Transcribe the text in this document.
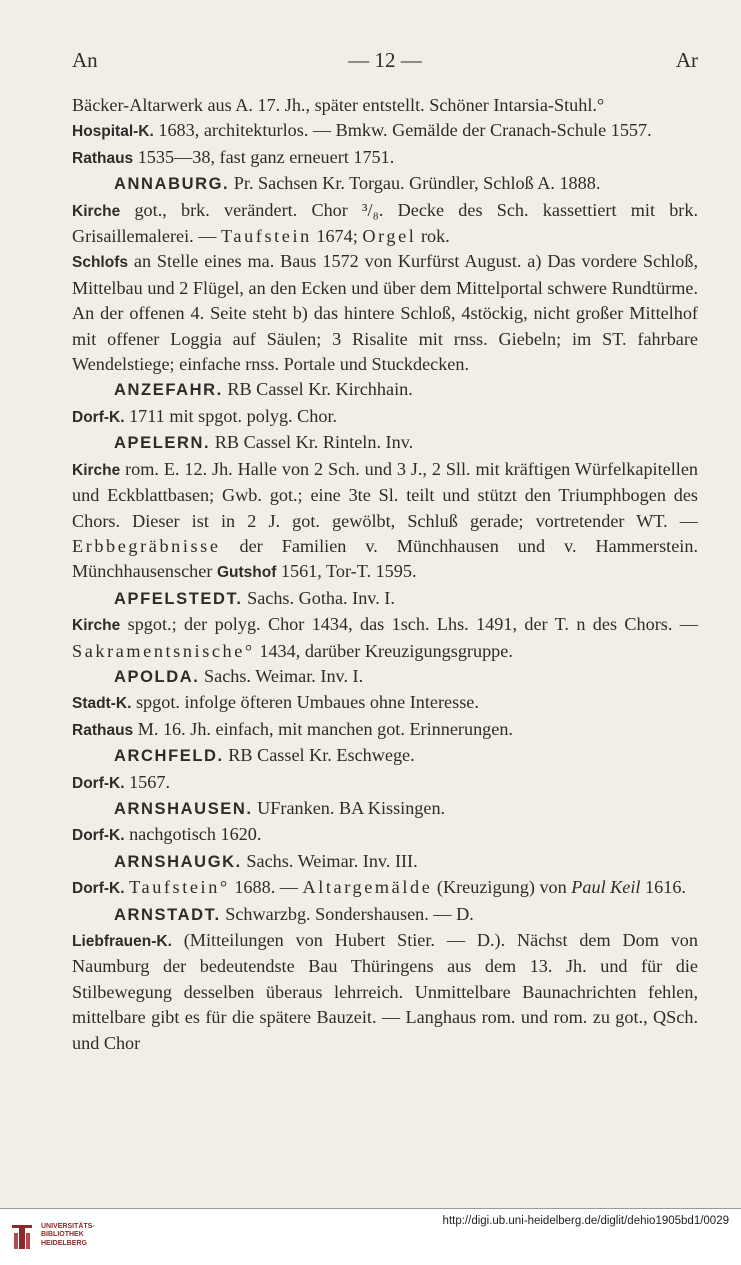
An	— 12 —	Ar

Bäcker-Altarwerk aus A. 17. Jh., später entstellt. Schöner Intarsia-Stuhl.°

Hospital-K. 1683, architekturlos. — Bmkw. Gemälde der Cranach-Schule 1557.

Rathaus 1535—38, fast ganz erneuert 1751.

ANNABURG. Pr. Sachsen Kr. Torgau. Gründler, Schloß A. 1888.

Kirche got., brk. verändert. Chor ³/₈. Decke des Sch. kassettiert mit brk. Grisaillemalerei. — Taufstein 1674; Orgel rok.

Schlofs an Stelle eines ma. Baus 1572 von Kurfürst August. a) Das vordere Schloß, Mittelbau und 2 Flügel, an den Ecken und über dem Mittelportal schwere Rundtürme. An der offenen 4. Seite steht b) das hintere Schloß, 4stöckig, nicht großer Mittelhof mit offener Loggia auf Säulen; 3 Risalite mit rnss. Giebeln; im ST. fahrbare Wendelstiege; einfache rnss. Portale und Stuckdecken.

ANZEFAHR. RB Cassel Kr. Kirchhain.

Dorf-K. 1711 mit spgot. polyg. Chor.

APELERN. RB Cassel Kr. Rinteln. Inv.

Kirche rom. E. 12. Jh. Halle von 2 Sch. und 3 J., 2 Sll. mit kräftigen Würfelkapitellen und Eckblattbasen; Gwb. got.; eine 3te Sl. teilt und stützt den Triumphbogen des Chors. Dieser ist in 2 J. got. gewölbt, Schluß gerade; vortretender WT. — Erbbegräbnisse der Familien v. Münchhausen und v. Hammerstein. Münchhausenscher Gutshof 1561, Tor-T. 1595.

APFELSTEDT. Sachs. Gotha. Inv. I.

Kirche spgot.; der polyg. Chor 1434, das 1sch. Lhs. 1491, der T. n des Chors. — Sakramentsnische° 1434, darüber Kreuzigungsgruppe.

APOLDA. Sachs. Weimar. Inv. I.

Stadt-K. spgot. infolge öfteren Umbaues ohne Interesse.

Rathaus M. 16. Jh. einfach, mit manchen got. Erinnerungen.

ARCHFELD. RB Cassel Kr. Eschwege.

Dorf-K. 1567.

ARNSHAUSEN. UFranken. BA Kissingen.

Dorf-K. nachgotisch 1620.

ARNSHAUGK. Sachs. Weimar. Inv. III.

Dorf-K. Taufstein° 1688. — Altargemälde (Kreuzigung) von Paul Keil 1616.

ARNSTADT. Schwarzbg. Sondershausen. — D.

Liebfrauen-K. (Mitteilungen von Hubert Stier. — D.). Nächst dem Dom von Naumburg der bedeutendste Bau Thüringens aus dem 13. Jh. und für die Stilbewegung desselben überaus lehrreich. Unmittelbare Baunachrichten fehlen, mittelbare gibt es für die spätere Bauzeit. — Langhaus rom. und rom. zu got., QSch. und Chor

UNIVERSITÄTS-
BIBLIOTHEK
HEIDELBERG
http://digi.ub.uni-heidelberg.de/diglit/dehio1905bd1/0029
